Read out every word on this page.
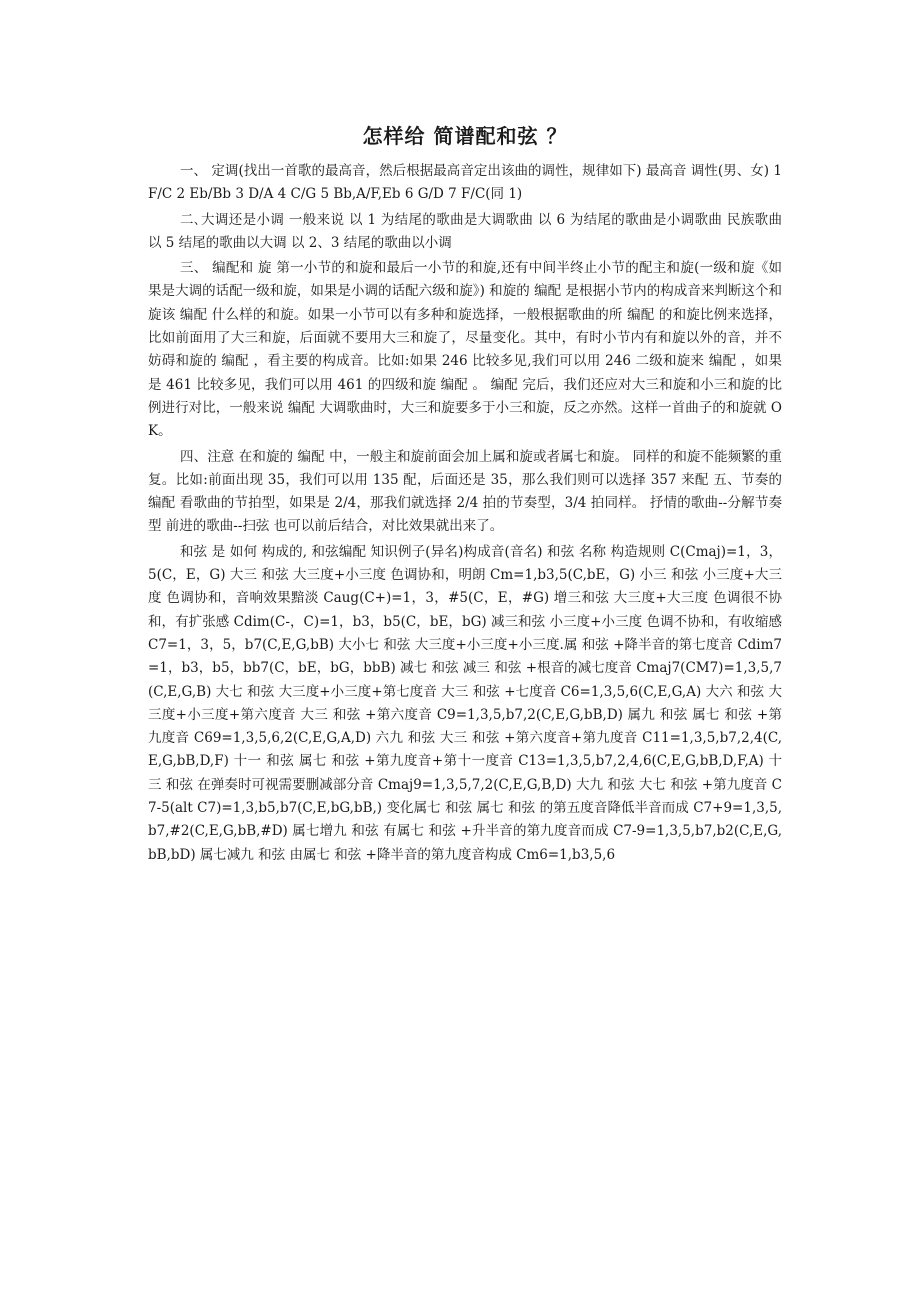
怎样给 简谱配和弦 ？

一、 定调(找出一首歌的最高音，然后根据最高音定出该曲的调性，规律如下) 最高音 调性(男、女) 1 F/C 2 Eb/Bb 3 D/A 4 C/G 5 Bb,A/F,Eb 6 G/D 7 F/C(同 1)

二､大调还是小调 一般来说 以 1 为结尾的歌曲是大调歌曲 以 6 为结尾的歌曲是小调歌曲 民族歌曲 以 5 结尾的歌曲以大调 以 2、3 结尾的歌曲以小调

三、 编配和 旋 第一小节的和旋和最后一小节的和旋,还有中间半终止小节的配主和旋(一级和旋《如果是大调的话配一级和旋，如果是小调的话配六级和旋》) 和旋的 编配 是根据小节内的构成音来判断这个和旋该 编配 什么样的和旋。如果一小节可以有多种和旋选择，一般根据歌曲的所 编配 的和旋比例来选择，比如前面用了大三和旋，后面就不要用大三和旋了，尽量变化。其中，有时小节内有和旋以外的音，并不妨碍和旋的 编配 ，看主要的构成音。比如:如果 246 比较多见,我们可以用 246 二级和旋来 编配 ，如果是 461 比较多见，我们可以用 461 的四级和旋 编配 。 编配 完后，我们还应对大三和旋和小三和旋的比例进行对比，一般来说 编配 大调歌曲时，大三和旋要多于小三和旋，反之亦然。这样一首曲子的和旋就 OK。

四、注意 在和旋的 编配 中，一般主和旋前面会加上属和旋或者属七和旋。 同样的和旋不能频繁的重复。比如:前面出现 35，我们可以用 135 配，后面还是 35，那么我们则可以选择 357 来配 五、节奏的 编配 看歌曲的节拍型，如果是 2/4，那我们就选择 2/4 拍的节奏型，3/4 拍同样。 抒情的歌曲--分解节奏型 前进的歌曲--扫弦 也可以前后结合，对比效果就出来了。

和弦 是 如何 构成的, 和弦编配 知识例子(异名)构成音(音名) 和弦 名称 构造规则 C(Cmaj)=1，3，5(C，E，G) 大三 和弦 大三度+小三度 色调协和，明朗 Cm=1,b3,5(C,bE，G) 小三 和弦 小三度+大三度 色调协和，音响效果黯淡 Caug(C+)=1，3，#5(C，E，#G) 增三和弦 大三度+大三度 色调很不协和，有扩张感 Cdim(C-，C)=1，b3，b5(C，bE，bG) 减三和弦 小三度+小三度 色调不协和，有收缩感 C7=1，3，5，b7(C,E,G,bB) 大小七 和弦 大三度+小三度+小三度.属 和弦 +降半音的第七度音 Cdim7=1，b3，b5，bb7(C，bE，bG，bbB) 减七 和弦 减三 和弦 +根音的减七度音 Cmaj7(CM7)=1,3,5,7(C,E,G,B) 大七 和弦 大三度+小三度+第七度音 大三 和弦 +七度音 C6=1,3,5,6(C,E,G,A) 大六 和弦 大三度+小三度+第六度音 大三 和弦 +第六度音 C9=1,3,5,b7,2(C,E,G,bB,D) 属九 和弦 属七 和弦 +第九度音 C69=1,3,5,6,2(C,E,G,A,D) 六九 和弦 大三 和弦 +第六度音+第九度音 C11=1,3,5,b7,2,4(C,E,G,bB,D,F) 十一 和弦 属七 和弦 +第九度音+第十一度音 C13=1,3,5,b7,2,4,6(C,E,G,bB,D,F,A) 十三 和弦 在弹奏时可视需要删减部分音 Cmaj9=1,3,5,7,2(C,E,G,B,D) 大九 和弦 大七 和弦 +第九度音 C7-5(alt C7)=1,3,b5,b7(C,E,bG,bB,) 变化属七 和弦 属七 和弦 的第五度音降低半音而成 C7+9=1,3,5,b7,#2(C,E,G,bB,#D) 属七增九 和弦 有属七 和弦 +升半音的第九度音而成 C7-9=1,3,5,b7,b2(C,E,G,bB,bD) 属七减九 和弦 由属七 和弦 +降半音的第九度音构成 Cm6=1,b3,5,6
